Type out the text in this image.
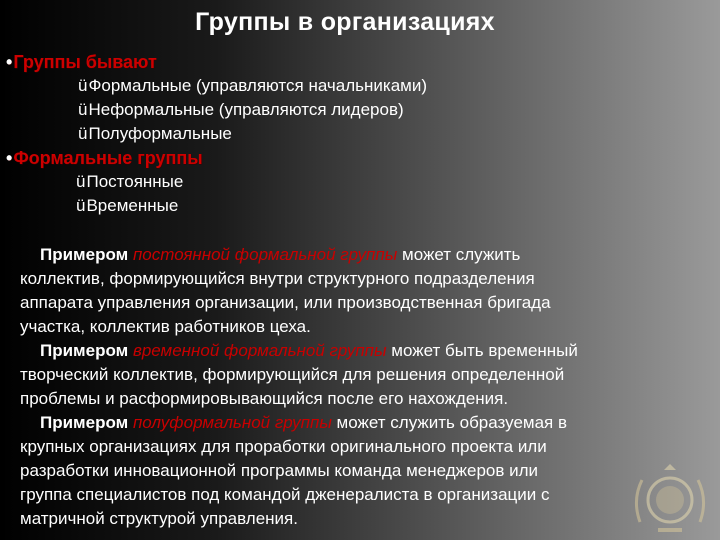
Группы в организациях
•Группы бывают
üФормальные (управляются начальниками)
üНеформальные (управляются лидеров)
üПолуформальные
•Формальные группы
üПостоянные
üВременные
Примером постоянной формальной группы может служить
коллектив, формирующийся внутри структурного подразделения
аппарата управления организации, или производственная бригада
участка, коллектив работников цеха.
Примером временной формальной группы может быть временный
творческий коллектив, формирующийся для решения определенной
проблемы и расформировывающийся после его нахождения.
Примером полуформальной группы может служить образуемая в
крупных организациях для проработки оригинального проекта или
разработки инновационной программы команда менеджеров или
группа специалистов под командой дженералиста в организации с
матричной структурой управления.
